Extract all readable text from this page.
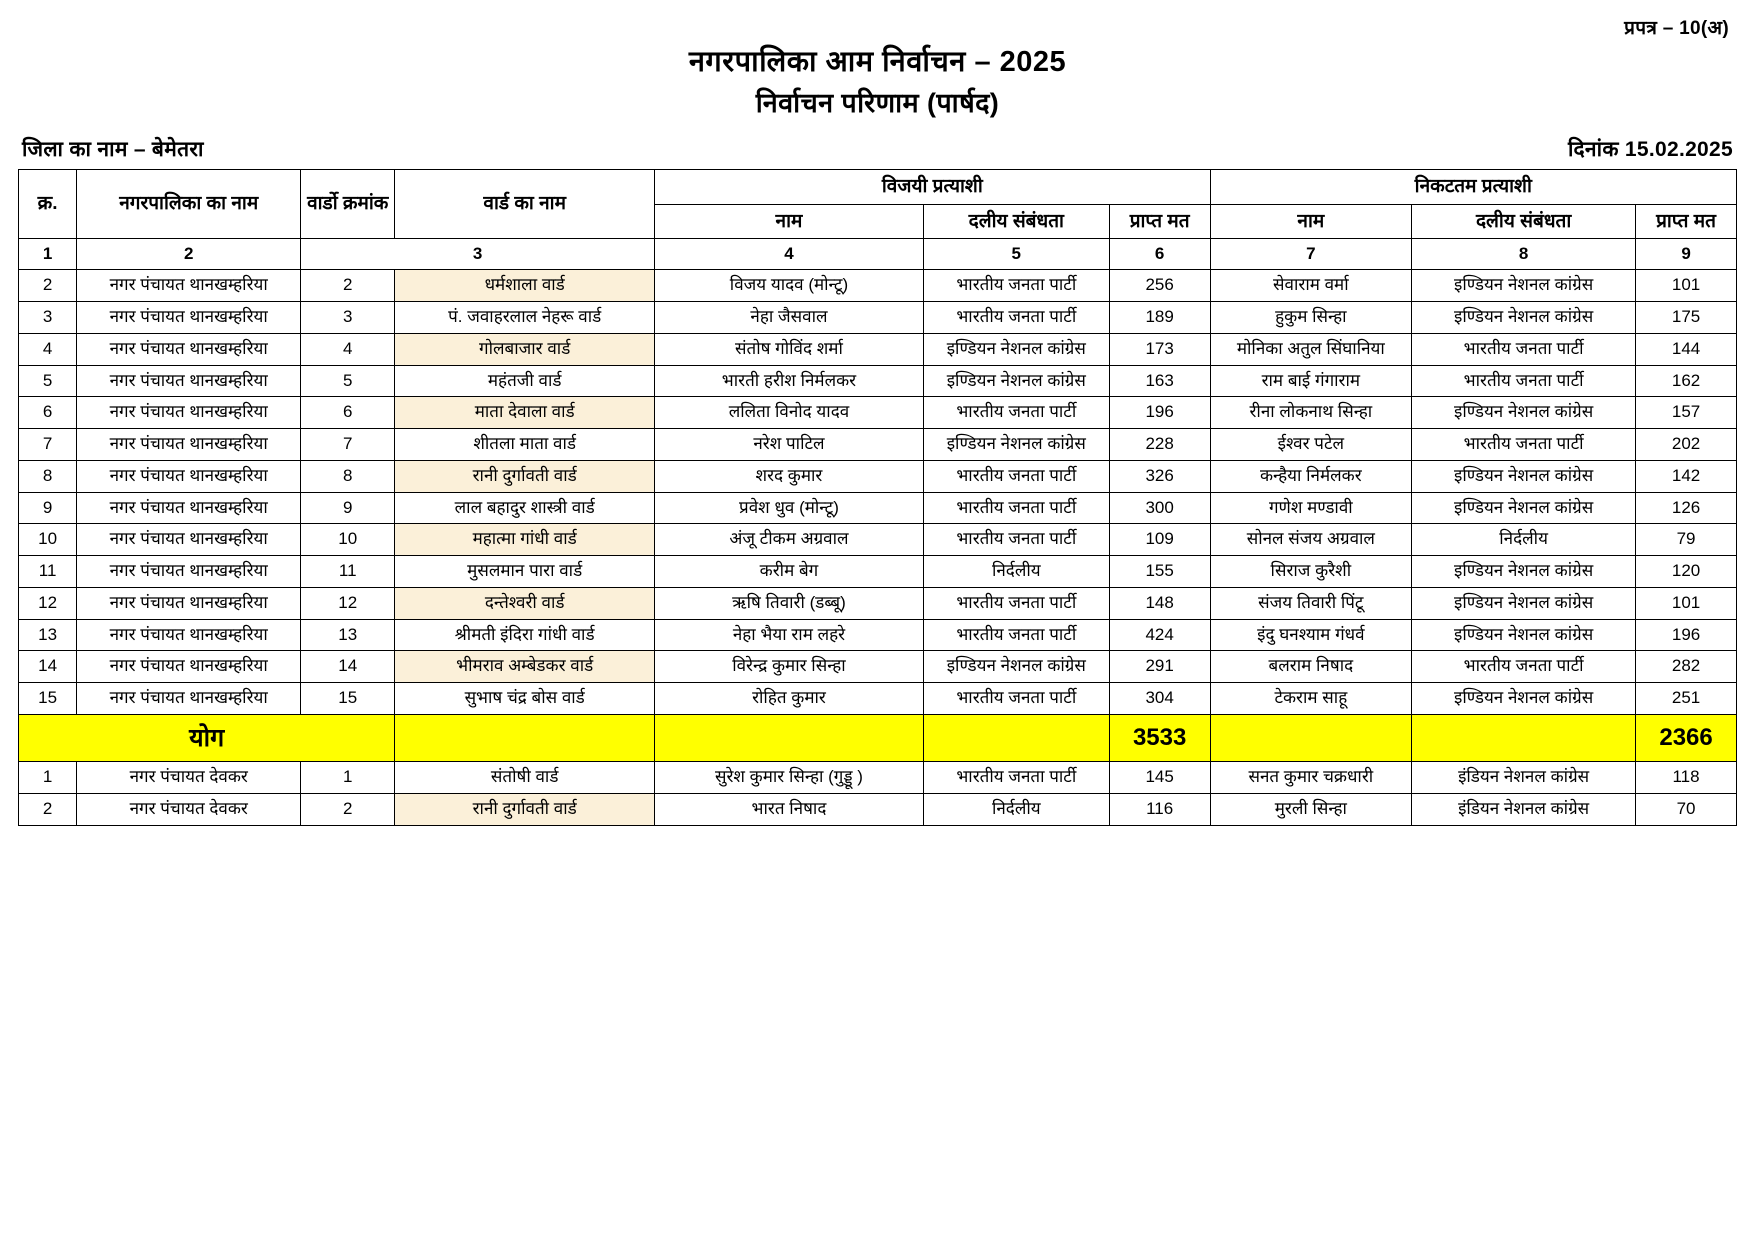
प्रपत्र – 10(अ)
नगरपालिका आम निर्वाचन – 2025
निर्वाचन परिणाम (पार्षद)
जिला का नाम – बेमेतरा	दिनांक 15.02.2025
क्र.	नगरपालिका का नाम	वार्डो क्रमांक	वार्ड का नाम	विजयी प्रत्याशी			निकटतम प्रत्याशी		
				नाम	दलीय संबंधता	प्राप्त मत	नाम	दलीय संबंधता	प्राप्त मत
1	2	3		4	5	6	7	8	9
2	नगर पंचायत थानखम्हरिया	2	धर्मशाला वार्ड	विजय यादव (मोन्टू)	भारतीय जनता पार्टी	256	सेवाराम वर्मा	इण्डियन नेशनल कांग्रेस	101
3	नगर पंचायत थानखम्हरिया	3	पं. जवाहरलाल नेहरू वार्ड	नेहा जैसवाल	भारतीय जनता पार्टी	189	हुकुम सिन्हा	इण्डियन नेशनल कांग्रेस	175
4	नगर पंचायत थानखम्हरिया	4	गोलबाजार वार्ड	संतोष गोविंद शर्मा	इण्डियन नेशनल कांग्रेस	173	मोनिका अतुल सिंघानिया	भारतीय जनता पार्टी	144
5	नगर पंचायत थानखम्हरिया	5	महंतजी वार्ड	भारती हरीश निर्मलकर	इण्डियन नेशनल कांग्रेस	163	राम बाई गंगाराम	भारतीय जनता पार्टी	162
6	नगर पंचायत थानखम्हरिया	6	माता देवाला वार्ड	ललिता विनोद यादव	भारतीय जनता पार्टी	196	रीना लोकनाथ सिन्हा	इण्डियन नेशनल कांग्रेस	157
7	नगर पंचायत थानखम्हरिया	7	शीतला माता वार्ड	नरेश पाटिल	इण्डियन नेशनल कांग्रेस	228	ईश्वर पटेल	भारतीय जनता पार्टी	202
8	नगर पंचायत थानखम्हरिया	8	रानी दुर्गावती वार्ड	शरद कुमार	भारतीय जनता पार्टी	326	कन्हैया निर्मलकर	इण्डियन नेशनल कांग्रेस	142
9	नगर पंचायत थानखम्हरिया	9	लाल बहादुर शास्त्री वार्ड	प्रवेश धुव (मोन्टू)	भारतीय जनता पार्टी	300	गणेश मण्डावी	इण्डियन नेशनल कांग्रेस	126
10	नगर पंचायत थानखम्हरिया	10	महात्मा गांधी वार्ड	अंजू टीकम अग्रवाल	भारतीय जनता पार्टी	109	सोनल संजय अग्रवाल	निर्दलीय	79
11	नगर पंचायत थानखम्हरिया	11	मुसलमान पारा वार्ड	करीम बेग	निर्दलीय	155	सिराज कुरैशी	इण्डियन नेशनल कांग्रेस	120
12	नगर पंचायत थानखम्हरिया	12	दन्तेश्वरी वार्ड	ऋषि तिवारी (डब्बू)	भारतीय जनता पार्टी	148	संजय तिवारी पिंटू	इण्डियन नेशनल कांग्रेस	101
13	नगर पंचायत थानखम्हरिया	13	श्रीमती इंदिरा गांधी वार्ड	नेहा भैया राम लहरे	भारतीय जनता पार्टी	424	इंदु घनश्याम गंधर्व	इण्डियन नेशनल कांग्रेस	196
14	नगर पंचायत थानखम्हरिया	14	भीमराव अम्बेडकर वार्ड	विरेन्द्र कुमार सिन्हा	इण्डियन नेशनल कांग्रेस	291	बलराम निषाद	भारतीय जनता पार्टी	282
15	नगर पंचायत थानखम्हरिया	15	सुभाष चंद्र बोस वार्ड	रोहित कुमार	भारतीय जनता पार्टी	304	टेकराम साहू	इण्डियन नेशनल कांग्रेस	251
योग						3533			2366
1	नगर पंचायत देवकर	1	संतोषी वार्ड	सुरेश कुमार सिन्हा (गुड्डू )	भारतीय जनता पार्टी	145	सनत कुमार चक्रधारी	इंडियन नेशनल कांग्रेस	118
2	नगर पंचायत देवकर	2	रानी दुर्गावती वार्ड	भारत निषाद	निर्दलीय	116	मुरली सिन्हा	इंडियन नेशनल कांग्रेस	70
